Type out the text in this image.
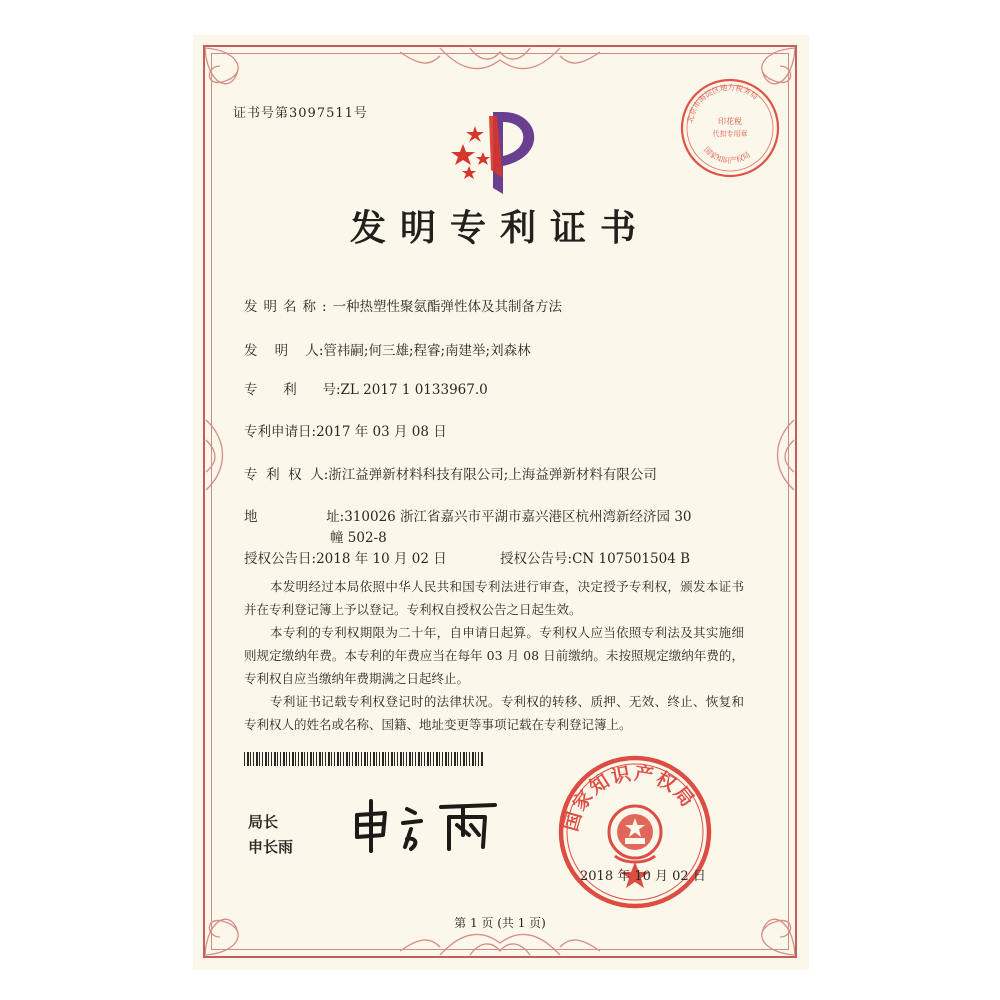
证书号第3097511号	北京市海淀区地方税务局
国家知识产权局
印花税
代扣专用章
发明专利证书
发明名称:一种热塑性聚氨酯弹性体及其制备方法
发    明    人:管祎嗣;何三雄;程睿;南建举;刘森林
专      利      号:ZL 2017 1 0133967.0
专利申请日:2017 年 03 月 08 日
专  利  权  人:浙江益弹新材料科技有限公司;上海益弹新材料有限公司
地                址:310026 浙江省嘉兴市平湖市嘉兴港区杭州湾新经济园 30
幢 502-8
授权公告日:2018 年 10 月 02 日	授权公告号:CN 107501504 B
本发明经过本局依照中华人民共和国专利法进行审查，决定授予专利权，颁发本证书并在专利登记簿上予以登记。专利权自授权公告之日起生效。
本专利的专利权期限为二十年，自申请日起算。专利权人应当依照专利法及其实施细则规定缴纳年费。本专利的年费应当在每年 03 月 08 日前缴纳。未按照规定缴纳年费的，专利权自应当缴纳年费期满之日起终止。
专利证书记载专利权登记时的法律状况。专利权的转移、质押、无效、终止、恢复和专利权人的姓名或名称、国籍、地址变更等事项记载在专利登记簿上。
局长
申长雨
国家知识产权局
2018 年 10 月 02 日
第 1 页 (共 1 页)
